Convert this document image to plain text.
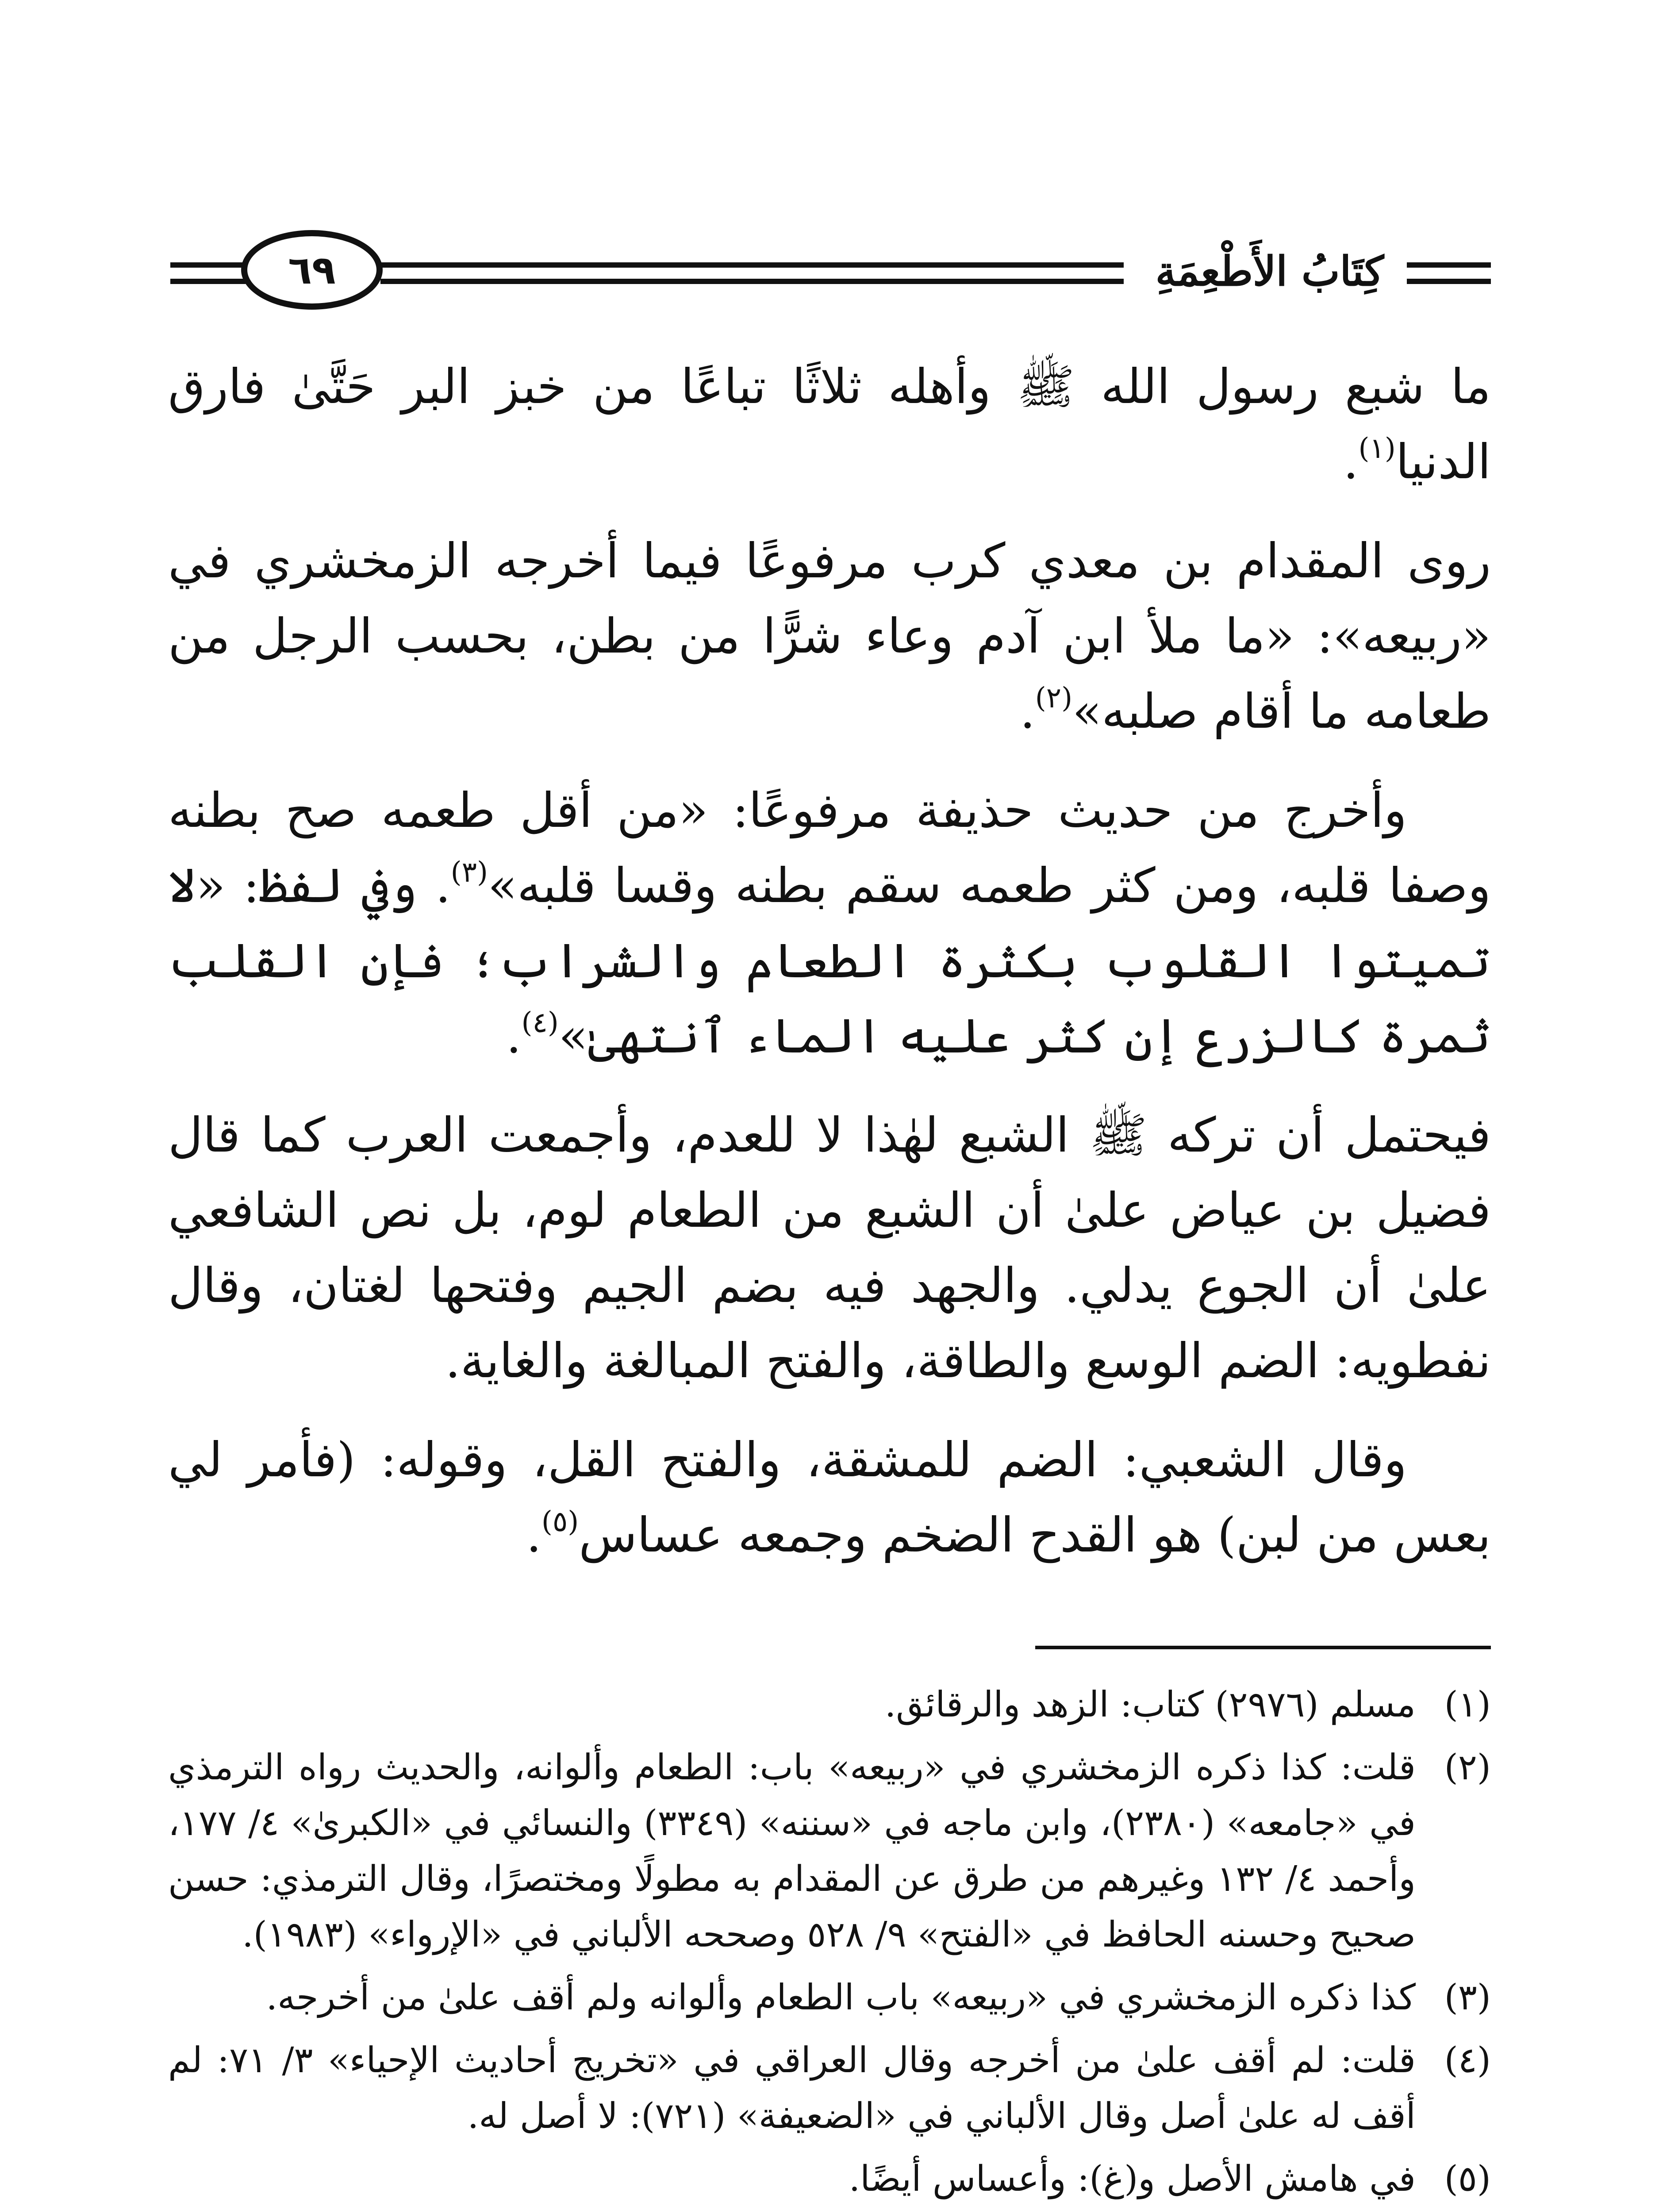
٦٩	كِتَابُ الأَطْعِمَةِ

ما شبع رسول الله ﷺ وأهله ثلاثًا تباعًا من خبز البر حَتَّىٰ فارق الدنيا$^{(١)}$.

روى المقدام بن معدي كرب مرفوعًا فيما أخرجه الزمخشري في «ربيعه»: «ما ملأ ابن آدم وعاء شرًّا من بطن، بحسب الرجل من طعامه ما أقام صلبه»$^{(٢)}$.

وأخرج من حديث حذيفة مرفوعًا: «من أقل طعمه صح بطنه وصفا قلبه، ومن كثر طعمه سقم بطنه وقسا قلبه»$^{(٣)}$. وفي لفظ: «لا تميتوا القلوب بكثرة الطعام والشراب؛ فإن القلب ثمرة كالزرع إن كثر عليه الماء ٱنتهىٰ»$^{(٤)}$.

فيحتمل أن تركه ﷺ الشبع لهٰذا لا للعدم، وأجمعت العرب كما قال فضيل بن عياض علىٰ أن الشبع من الطعام لوم، بل نص الشافعي علىٰ أن الجوع يدلي. والجهد فيه بضم الجيم وفتحها لغتان، وقال نفطويه: الضم الوسع والطاقة، والفتح المبالغة والغاية.

وقال الشعبي: الضم للمشقة، والفتح القل، وقوله: (فأمر لي بعس من لبن) هو القدح الضخم وجمعه عساس$^{(٥)}$.

(١)
مسلم (٢٩٧٦) كتاب: الزهد والرقائق.
(٢)
قلت: كذا ذكره الزمخشري في «ربيعه» باب: الطعام وألوانه، والحديث رواه الترمذي في «جامعه» (٢٣٨٠)، وابن ماجه في «سننه» (٣٣٤٩) والنسائي في «الكبرىٰ» ٤/ ١٧٧، وأحمد ٤/ ١٣٢ وغيرهم من طرق عن المقدام به مطولًا ومختصرًا، وقال الترمذي: حسن صحيح وحسنه الحافظ في «الفتح» ٩/ ٥٢٨ وصححه الألباني في «الإرواء» (١٩٨٣).
(٣)
كذا ذكره الزمخشري في «ربيعه» باب الطعام وألوانه ولم أقف علىٰ من أخرجه.
(٤)
قلت: لم أقف علىٰ من أخرجه وقال العراقي في «تخريج أحاديث الإحياء» ٣/ ٧١: لم أقف له علىٰ أصل وقال الألباني في «الضعيفة» (٧٢١): لا أصل له.
(٥)
في هامش الأصل و(غ): وأعساس أيضًا.
